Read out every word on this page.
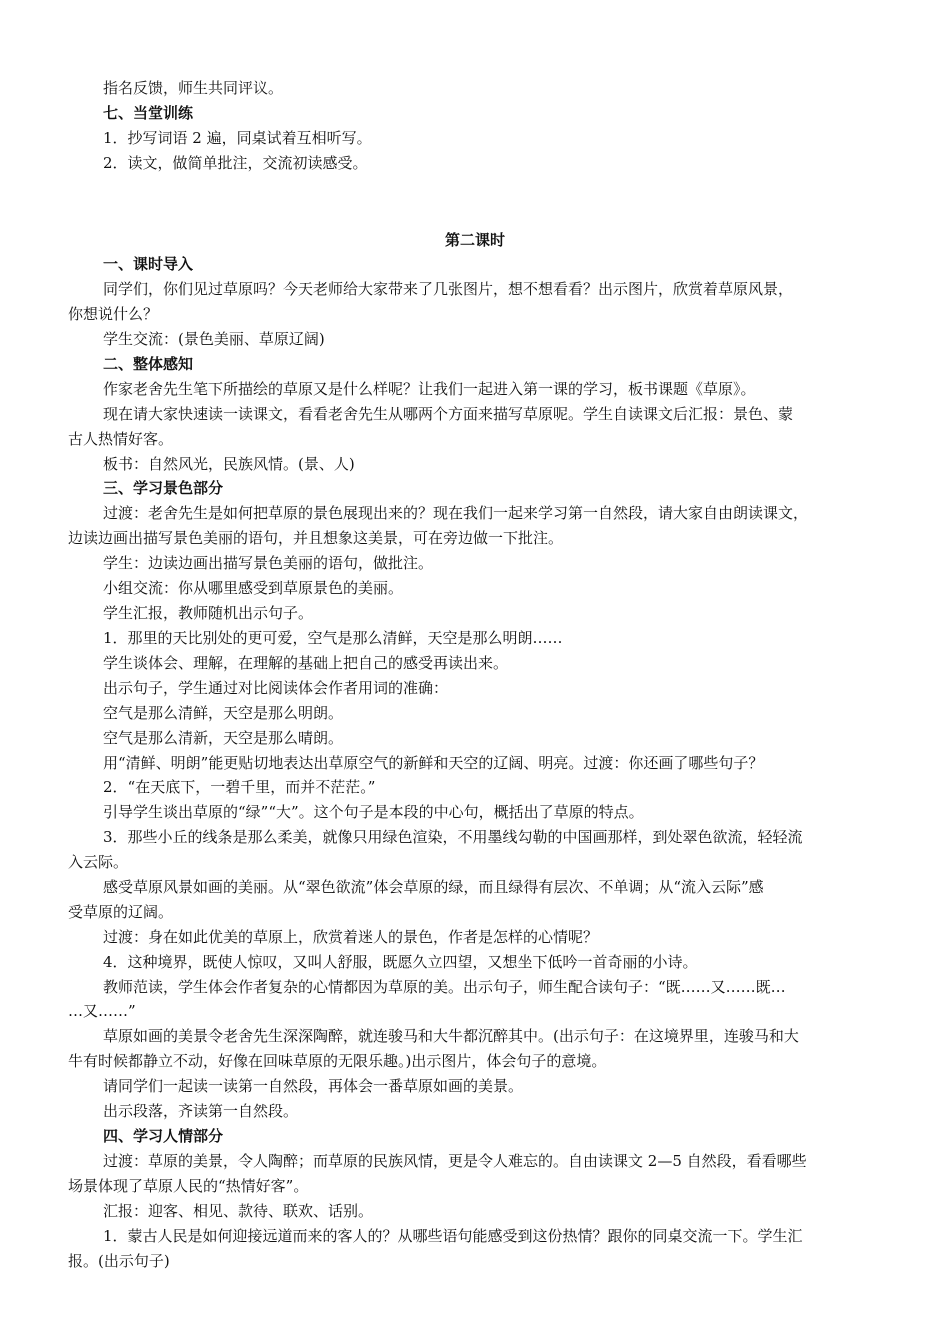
指名反馈，师生共同评议。
七、当堂训练
1．抄写词语 2 遍，同桌试着互相听写。
2．读文，做简单批注，交流初读感受。
第二课时
一、课时导入
同学们，你们见过草原吗？今天老师给大家带来了几张图片，想不想看看？出示图片，欣赏着草原风景，
你想说什么？
学生交流：(景色美丽、草原辽阔)
二、整体感知
作家老舍先生笔下所描绘的草原又是什么样呢？让我们一起进入第一课的学习，板书课题《草原》。
现在请大家快速读一读课文，看看老舍先生从哪两个方面来描写草原呢。学生自读课文后汇报：景色、蒙
古人热情好客。
板书：自然风光，民族风情。(景、人)
三、学习景色部分
过渡：老舍先生是如何把草原的景色展现出来的？现在我们一起来学习第一自然段，请大家自由朗读课文，
边读边画出描写景色美丽的语句，并且想象这美景，可在旁边做一下批注。
学生：边读边画出描写景色美丽的语句，做批注。
小组交流：你从哪里感受到草原景色的美丽。
学生汇报，教师随机出示句子。
1．那里的天比别处的更可爱，空气是那么清鲜，天空是那么明朗……
学生谈体会、理解，在理解的基础上把自己的感受再读出来。
出示句子，学生通过对比阅读体会作者用词的准确：
空气是那么清鲜，天空是那么明朗。
空气是那么清新，天空是那么晴朗。
用“清鲜、明朗”能更贴切地表达出草原空气的新鲜和天空的辽阔、明亮。过渡：你还画了哪些句子？
2．“在天底下，一碧千里，而并不茫茫。”
引导学生谈出草原的“绿”“大”。这个句子是本段的中心句，概括出了草原的特点。
3．那些小丘的线条是那么柔美，就像只用绿色渲染，不用墨线勾勒的中国画那样，到处翠色欲流，轻轻流
入云际。
感受草原风景如画的美丽。从“翠色欲流”体会草原的绿，而且绿得有层次、不单调；从“流入云际”感
受草原的辽阔。
过渡：身在如此优美的草原上，欣赏着迷人的景色，作者是怎样的心情呢？
4．这种境界，既使人惊叹，又叫人舒服，既愿久立四望，又想坐下低吟一首奇丽的小诗。
教师范读，学生体会作者复杂的心情都因为草原的美。出示句子，师生配合读句子：“既……又……既…
…又……”
草原如画的美景令老舍先生深深陶醉，就连骏马和大牛都沉醉其中。(出示句子：在这境界里，连骏马和大
牛有时候都静立不动，好像在回味草原的无限乐趣。)出示图片，体会句子的意境。
请同学们一起读一读第一自然段，再体会一番草原如画的美景。
出示段落，齐读第一自然段。
四、学习人情部分
过渡：草原的美景，令人陶醉；而草原的民族风情，更是令人难忘的。自由读课文 2—5 自然段，看看哪些
场景体现了草原人民的“热情好客”。
汇报：迎客、相见、款待、联欢、话别。
1．蒙古人民是如何迎接远道而来的客人的？从哪些语句能感受到这份热情？跟你的同桌交流一下。学生汇
报。(出示句子)
